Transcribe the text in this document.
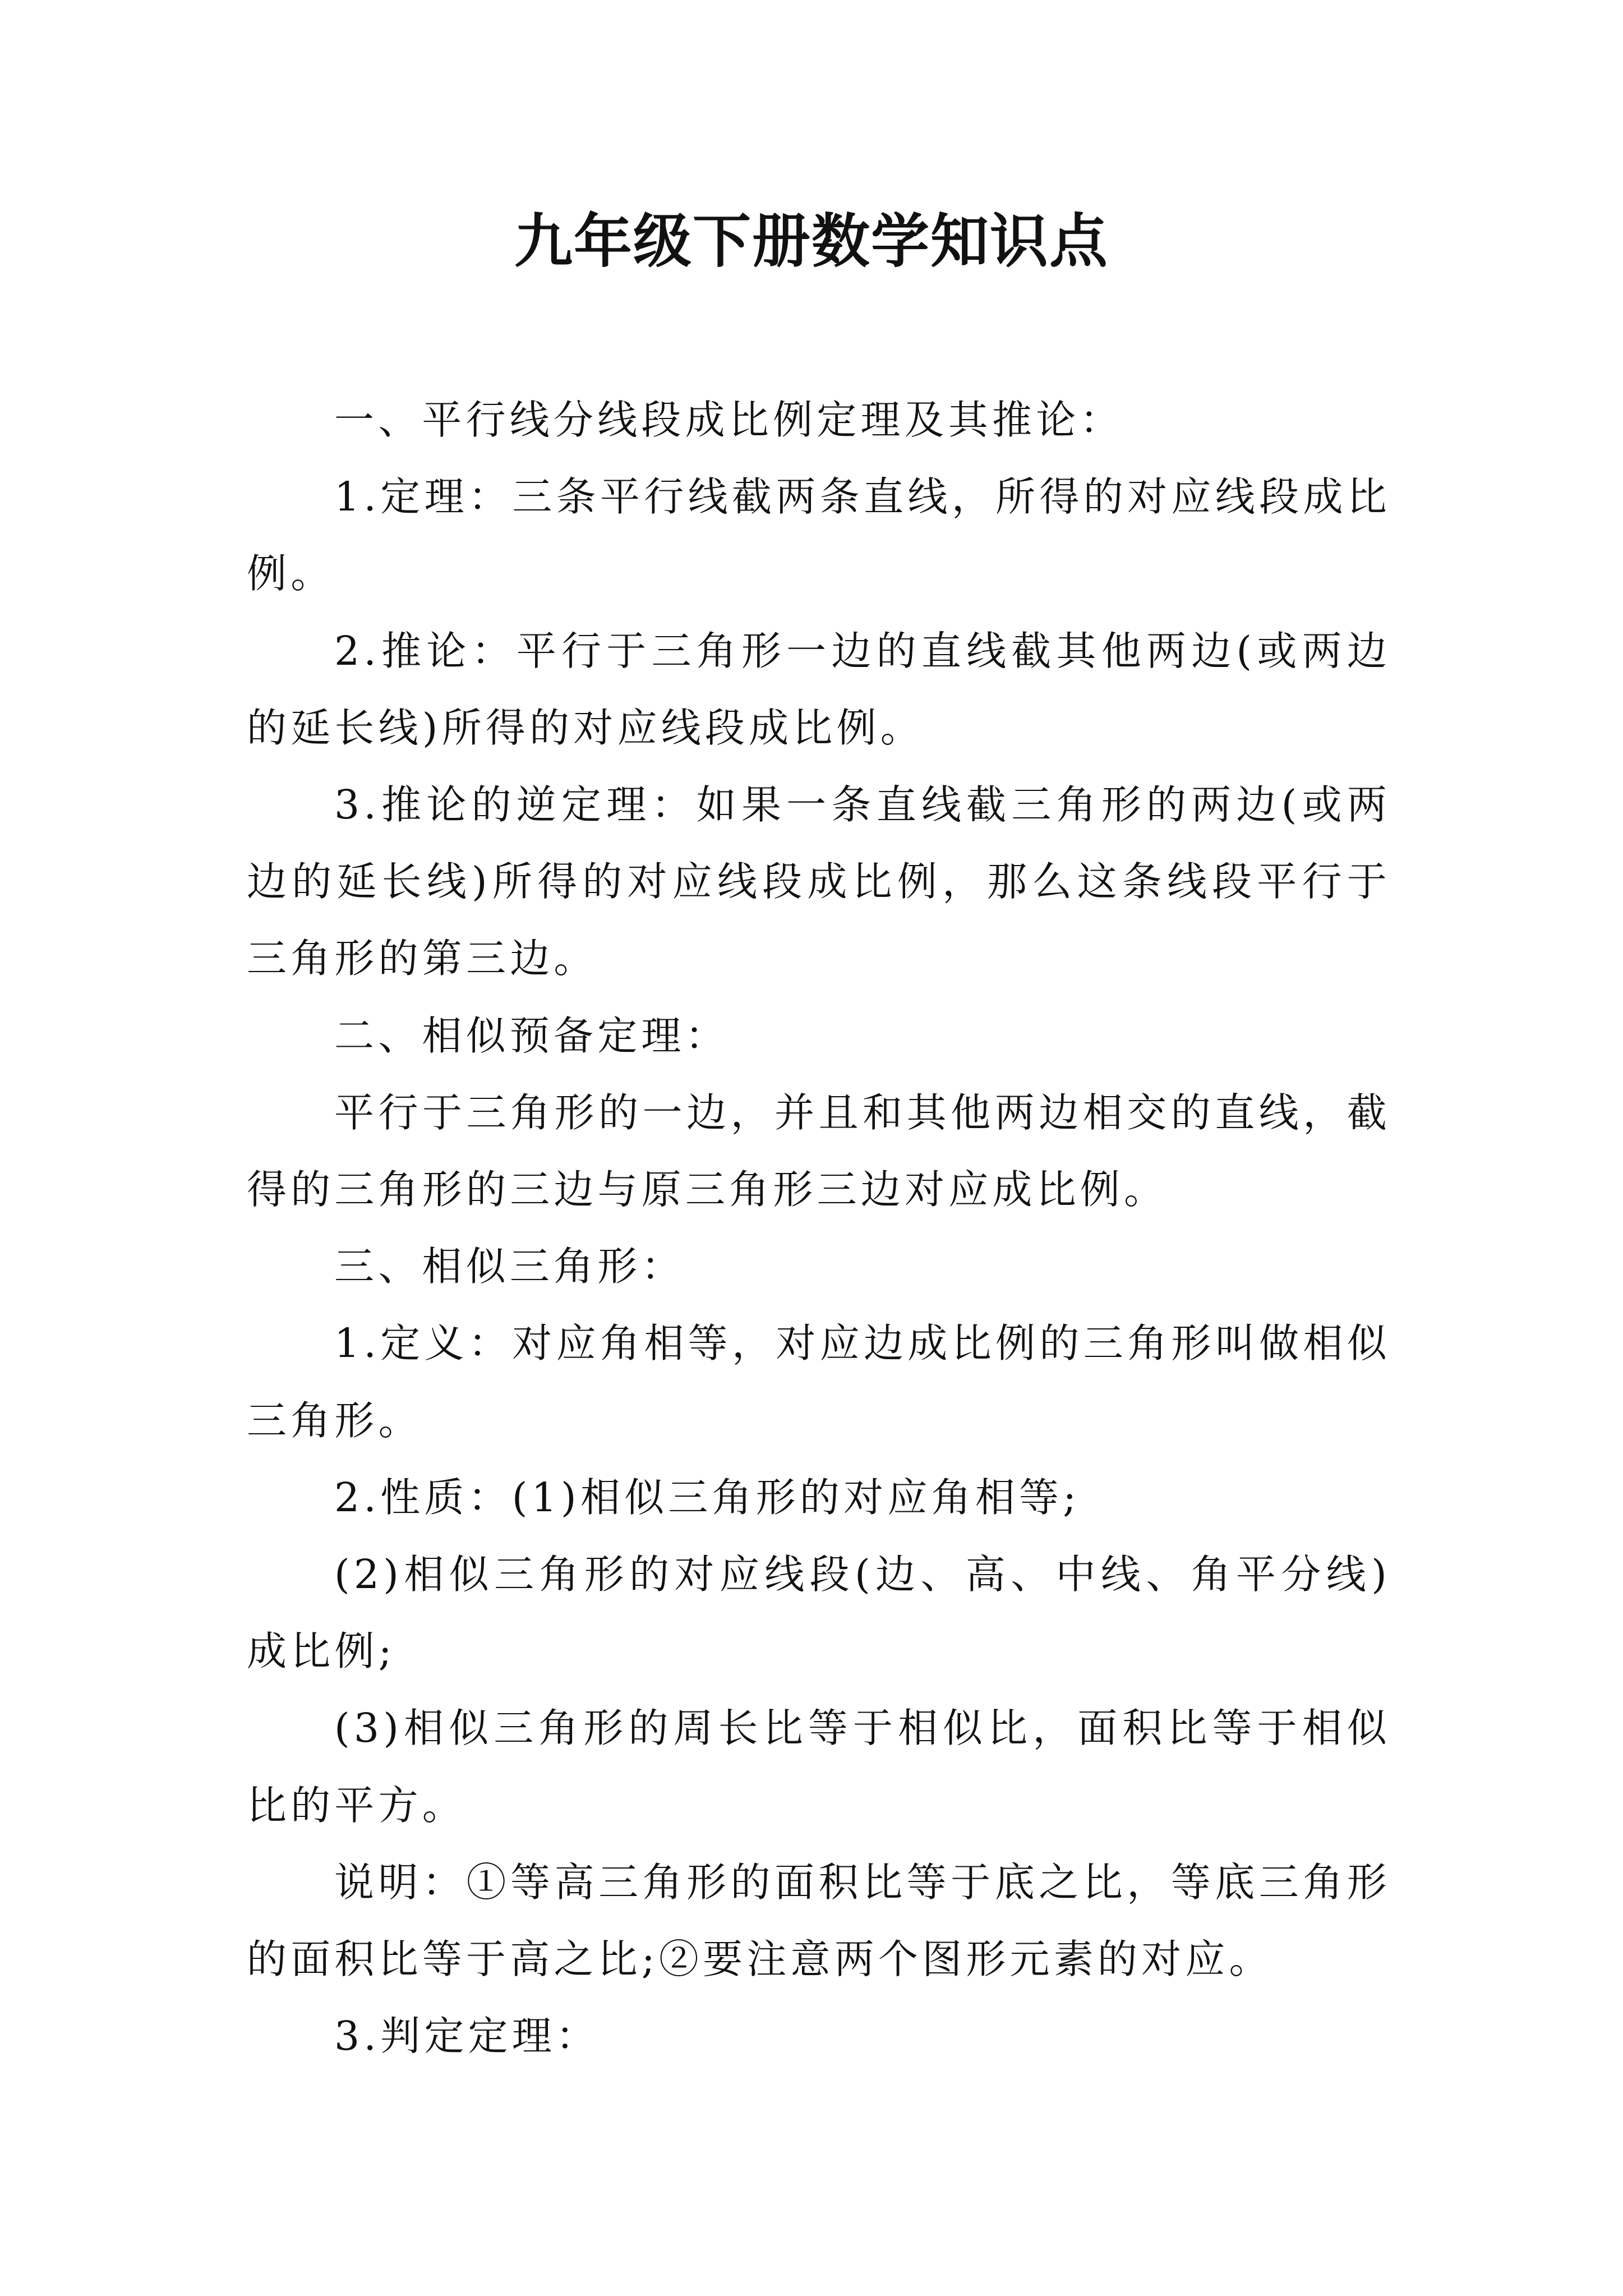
九年级下册数学知识点

一、平行线分线段成比例定理及其推论：

1.定理：三条平行线截两条直线，所得的对应线段成比例。

2.推论：平行于三角形一边的直线截其他两边(或两边的延长线)所得的对应线段成比例。

3.推论的逆定理：如果一条直线截三角形的两边(或两边的延长线)所得的对应线段成比例，那么这条线段平行于三角形的第三边。

二、相似预备定理：

平行于三角形的一边，并且和其他两边相交的直线，截得的三角形的三边与原三角形三边对应成比例。

三、相似三角形：

1.定义：对应角相等，对应边成比例的三角形叫做相似三角形。

2.性质：(1)相似三角形的对应角相等;

(2)相似三角形的对应线段(边、高、中线、角平分线)成比例;

(3)相似三角形的周长比等于相似比，面积比等于相似比的平方。

说明：①等高三角形的面积比等于底之比，等底三角形的面积比等于高之比;②要注意两个图形元素的对应。

3.判定定理：
